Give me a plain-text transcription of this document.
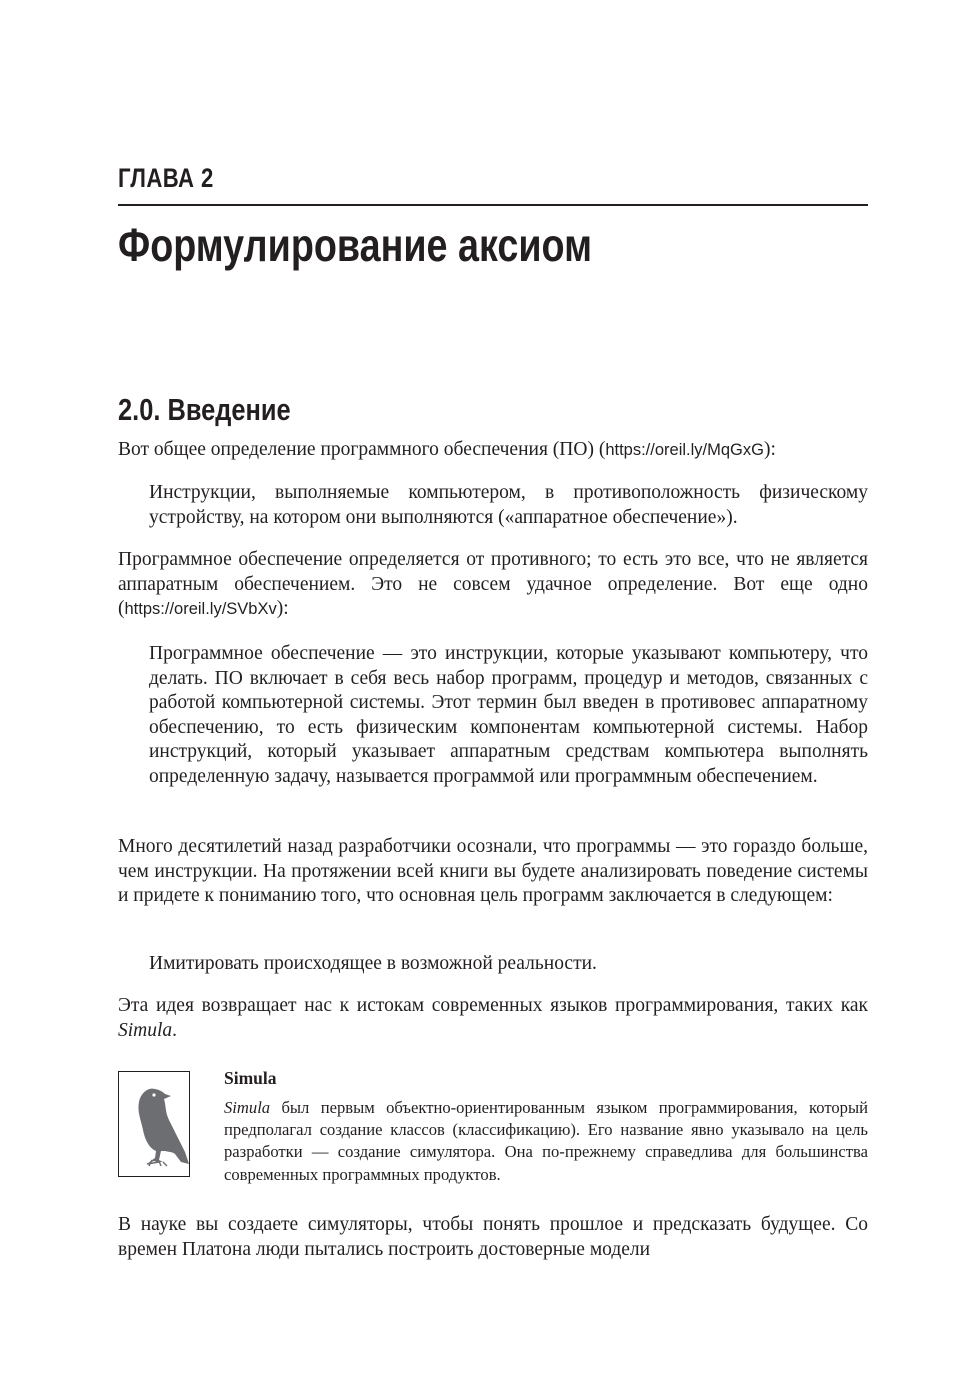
ГЛАВА 2
Формулирование аксиом
2.0. Введение

Вот общее определение программного обеспечения (ПО) (https://oreil.ly/MqGxG):

Инструкции, выполняемые компьютером, в противоположность физическому устройству, на котором они выполняются («аппаратное обеспечение»).

Программное обеспечение определяется от противного; то есть это все, что не является аппаратным обеспечением. Это не совсем удачное определение. Вот еще одно (https://oreil.ly/SVbXv):

Программное обеспечение — это инструкции, которые указывают компьютеру, что делать. ПО включает в себя весь набор программ, процедур и методов, связанных с работой компьютерной системы. Этот термин был введен в противовес аппаратному обеспечению, то есть физическим компонентам компьютерной системы. Набор инструкций, который указывает аппаратным средствам компьютера выполнять определенную задачу, называется программой или программным обеспечением.

Много десятилетий назад разработчики осознали, что программы — это гораздо больше, чем инструкции. На протяжении всей книги вы будете анализировать поведение системы и придете к пониманию того, что основная цель программ заключается в следующем:

Имитировать происходящее в возможной реальности.

Эта идея возвращает нас к истокам современных языков программирования, таких как Simula.

Simula

Simula был первым объектно-ориентированным языком программирования, который предполагал создание классов (классификацию). Его название явно указывало на цель разработки — создание симулятора. Она по-прежнему справедлива для большинства современных программных продуктов.

В науке вы создаете симуляторы, чтобы понять прошлое и предсказать будущее. Со времен Платона люди пытались построить достоверные модели
